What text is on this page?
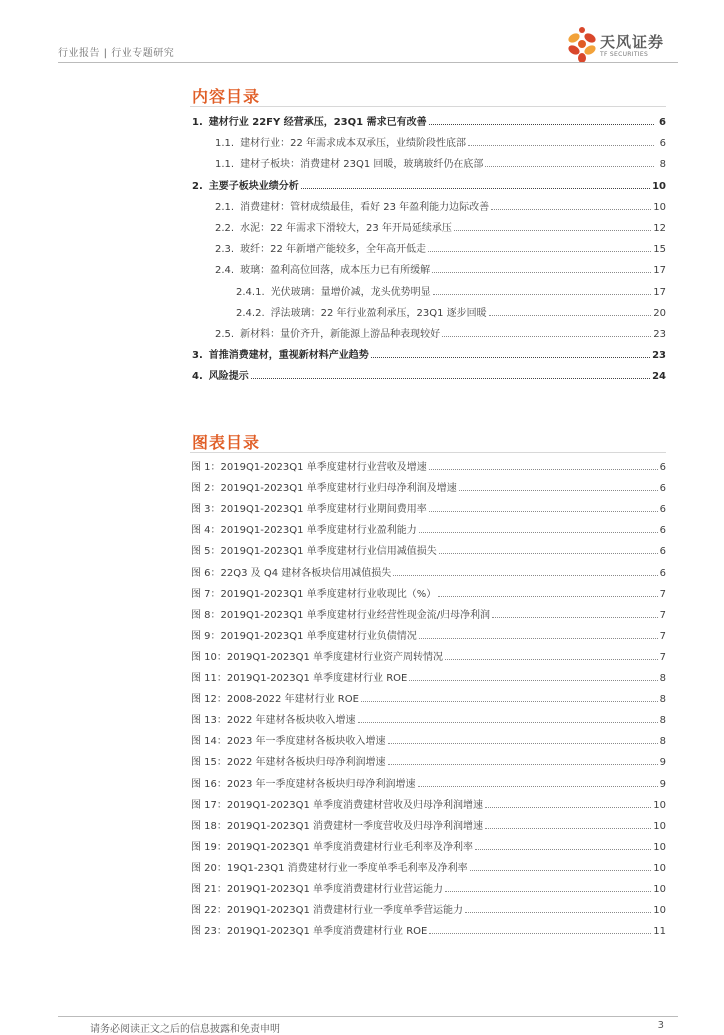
行业报告 | 行业专题研究
天风证券
TF SECURITIES
内容目录
1. 建材行业 22FY 经营承压，23Q1 需求已有改善	6
1.1. 建材行业：22 年需求成本双承压，业绩阶段性底部	6
1.1. 建材子板块：消费建材 23Q1 回暖，玻璃玻纤仍在底部	8
2. 主要子板块业绩分析	10
2.1. 消费建材：管材成绩最佳，看好 23 年盈利能力边际改善	10
2.2. 水泥：22 年需求下滑较大，23 年开局延续承压	12
2.3. 玻纤：22 年新增产能较多，全年高开低走	15
2.4. 玻璃：盈利高位回落，成本压力已有所缓解	17
2.4.1. 光伏玻璃：量增价减，龙头优势明显	17
2.4.2. 浮法玻璃：22 年行业盈利承压，23Q1 逐步回暖	20
2.5. 新材料：量价齐升，新能源上游品种表现较好	23
3. 首推消费建材，重视新材料产业趋势	23
4. 风险提示	24
图表目录
图 1：2019Q1-2023Q1 单季度建材行业营收及增速	6
图 2：2019Q1-2023Q1 单季度建材行业归母净利润及增速	6
图 3：2019Q1-2023Q1 单季度建材行业期间费用率	6
图 4：2019Q1-2023Q1 单季度建材行业盈利能力	6
图 5：2019Q1-2023Q1 单季度建材行业信用减值损失	6
图 6：22Q3 及 Q4 建材各板块信用减值损失	6
图 7：2019Q1-2023Q1 单季度建材行业收现比（%）	7
图 8：2019Q1-2023Q1 单季度建材行业经营性现金流/归母净利润	7
图 9：2019Q1-2023Q1 单季度建材行业负债情况	7
图 10：2019Q1-2023Q1 单季度建材行业资产周转情况	7
图 11：2019Q1-2023Q1 单季度建材行业 ROE	8
图 12：2008-2022 年建材行业 ROE	8
图 13：2022 年建材各板块收入增速	8
图 14：2023 年一季度建材各板块收入增速	8
图 15：2022 年建材各板块归母净利润增速	9
图 16：2023 年一季度建材各板块归母净利润增速	9
图 17：2019Q1-2023Q1 单季度消费建材营收及归母净利润增速	10
图 18：2019Q1-2023Q1 消费建材一季度营收及归母净利润增速	10
图 19：2019Q1-2023Q1 单季度消费建材行业毛利率及净利率	10
图 20：19Q1-23Q1 消费建材行业一季度单季毛利率及净利率	10
图 21：2019Q1-2023Q1 单季度消费建材行业营运能力	10
图 22：2019Q1-2023Q1 消费建材行业一季度单季营运能力	10
图 23：2019Q1-2023Q1 单季度消费建材行业 ROE	11
请务必阅读正文之后的信息披露和免责申明	3
